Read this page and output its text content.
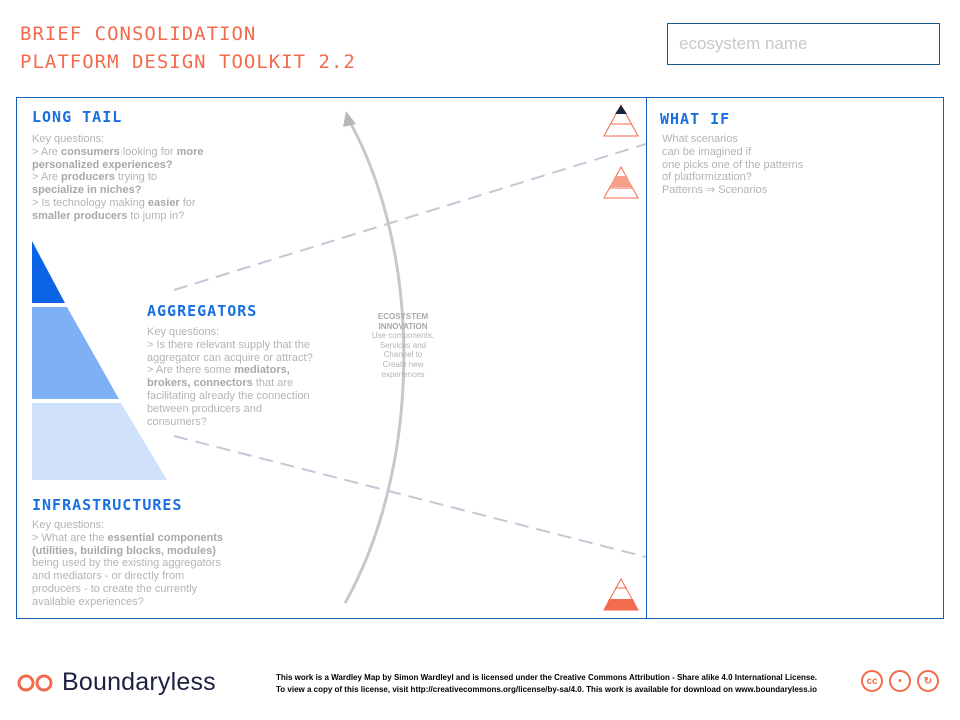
BRIEF CONSOLIDATION
PLATFORM DESIGN TOOLKIT 2.2
ecosystem name
LONG TAIL
Key questions:
> Are consumers looking for more
personalized experiences?
> Are producers trying to
specialize in niches?
> Is technology making easier for
smaller producers to jump in?
AGGREGATORS
Key questions:
> Is there relevant supply that the
aggregator can acquire or attract?
> Are there some mediators,
brokers, connectors that are
facilitating already the connection
between producers and
consumers?
INFRASTRUCTURES
Key questions:
> What are the essential components
(utilities, building blocks, modules)
being used by the existing aggregators
and mediators - or directly from
producers - to create the currently
available experiences?
ECOSYSTEM
INNOVATION
Use components,
Services and
Channel to
Create new
experiences
WHAT IF
What scenarios
can be imagined if
one picks one of the patterns
of platformization?
Patterns ⇒ Scenarios
Boundaryless	This work is a Wardley Map by Simon Wardleyl and is licensed under the Creative Commons Attribution - Share alike 4.0 International License.
To view a copy of this license, visit http://creativecommons.org/license/by-sa/4.0. This work is available for download on www.boundaryless.io
cc	•	↻
